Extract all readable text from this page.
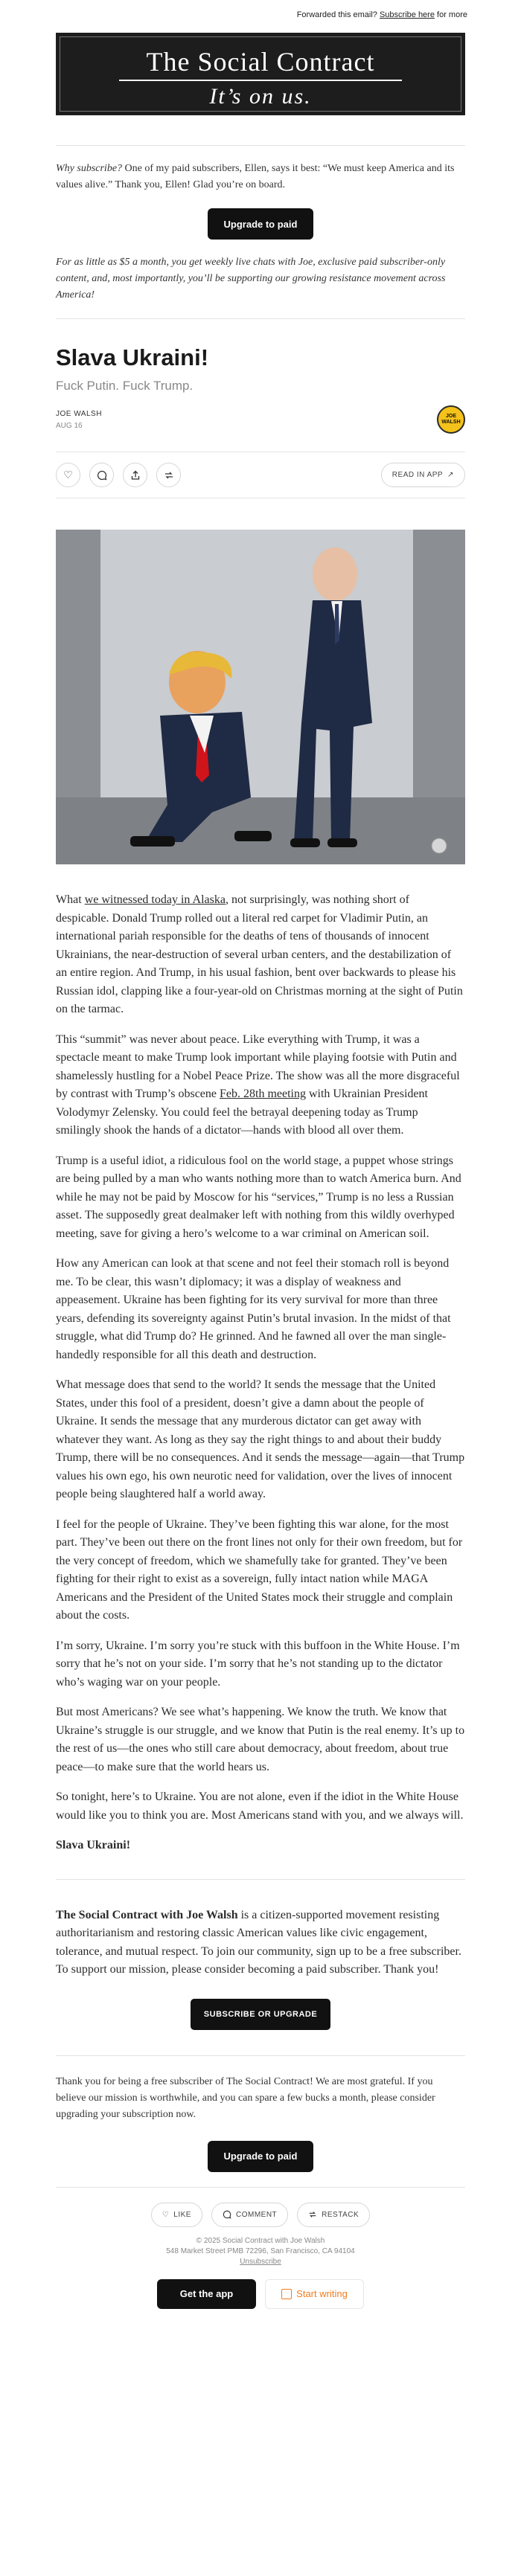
Forwarded this email? Subscribe here for more
The Social Contract
It’s on us.
Why subscribe? One of my paid subscribers, Ellen, says it best: “We must keep America and its values alive.” Thank you, Ellen! Glad you’re on board.
Upgrade to paid
For as little as $5 a month, you get weekly live chats with Joe, exclusive paid subscriber-only content, and, most importantly, you’ll be supporting our growing resistance movement across America!
Slava Ukraini!
Fuck Putin. Fuck Trump.
JOE WALSH
AUG 16
JOE WALSH
♡	READ IN APP ↗

What we witnessed today in Alaska, not surprisingly, was nothing short of despicable. Donald Trump rolled out a literal red carpet for Vladimir Putin, an international pariah responsible for the deaths of tens of thousands of innocent Ukrainians, the near-destruction of several urban centers, and the destabilization of an entire region. And Trump, in his usual fashion, bent over backwards to please his Russian idol, clapping like a four-year-old on Christmas morning at the sight of Putin on the tarmac.

This “summit” was never about peace. Like everything with Trump, it was a spectacle meant to make Trump look important while playing footsie with Putin and shamelessly hustling for a Nobel Peace Prize. The show was all the more disgraceful by contrast with Trump’s obscene Feb. 28th meeting with Ukrainian President Volodymyr Zelensky. You could feel the betrayal deepening today as Trump smilingly shook the hands of a dictator—hands with blood all over them.

Trump is a useful idiot, a ridiculous fool on the world stage, a puppet whose strings are being pulled by a man who wants nothing more than to watch America burn. And while he may not be paid by Moscow for his “services,” Trump is no less a Russian asset. The supposedly great dealmaker left with nothing from this wildly overhyped meeting, save for giving a hero’s welcome to a war criminal on American soil.

How any American can look at that scene and not feel their stomach roll is beyond me. To be clear, this wasn’t diplomacy; it was a display of weakness and appeasement. Ukraine has been fighting for its very survival for more than three years, defending its sovereignty against Putin’s brutal invasion. In the midst of that struggle, what did Trump do? He grinned. And he fawned all over the man single-handedly responsible for all this death and destruction.

What message does that send to the world? It sends the message that the United States, under this fool of a president, doesn’t give a damn about the people of Ukraine. It sends the message that any murderous dictator can get away with whatever they want. As long as they say the right things to and about their buddy Trump, there will be no consequences. And it sends the message—again—that Trump values his own ego, his own neurotic need for validation, over the lives of innocent people being slaughtered half a world away.

I feel for the people of Ukraine. They’ve been fighting this war alone, for the most part. They’ve been out there on the front lines not only for their own freedom, but for the very concept of freedom, which we shamefully take for granted. They’ve been fighting for their right to exist as a sovereign, fully intact nation while MAGA Americans and the President of the United States mock their struggle and complain about the costs.

I’m sorry, Ukraine. I’m sorry you’re stuck with this buffoon in the White House. I’m sorry that he’s not on your side. I’m sorry that he’s not standing up to the dictator who’s waging war on your people.

But most Americans? We see what’s happening. We know the truth. We know that Ukraine’s struggle is our struggle, and we know that Putin is the real enemy. It’s up to the rest of us—the ones who still care about democracy, about freedom, about true peace—to make sure that the world hears us.

So tonight, here’s to Ukraine. You are not alone, even if the idiot in the White House would like you to think you are. Most Americans stand with you, and we always will.

Slava Ukraini!

The Social Contract with Joe Walsh is a citizen-supported movement resisting authoritarianism and restoring classic American values like civic engagement, tolerance, and mutual respect. To join our community, sign up to be a free subscriber. To support our mission, please consider becoming a paid subscriber. Thank you!
SUBSCRIBE OR UPGRADE
Thank you for being a free subscriber of The Social Contract! We are most grateful. If you believe our mission is worthwhile, and you can spare a few bucks a month, please consider upgrading your subscription now.
Upgrade to paid
♡ LIKE	COMMENT	RESTACK
© 2025 Social Contract with Joe Walsh
548 Market Street PMB 72296, San Francisco, CA 94104
Unsubscribe
Get the app	Start writing
